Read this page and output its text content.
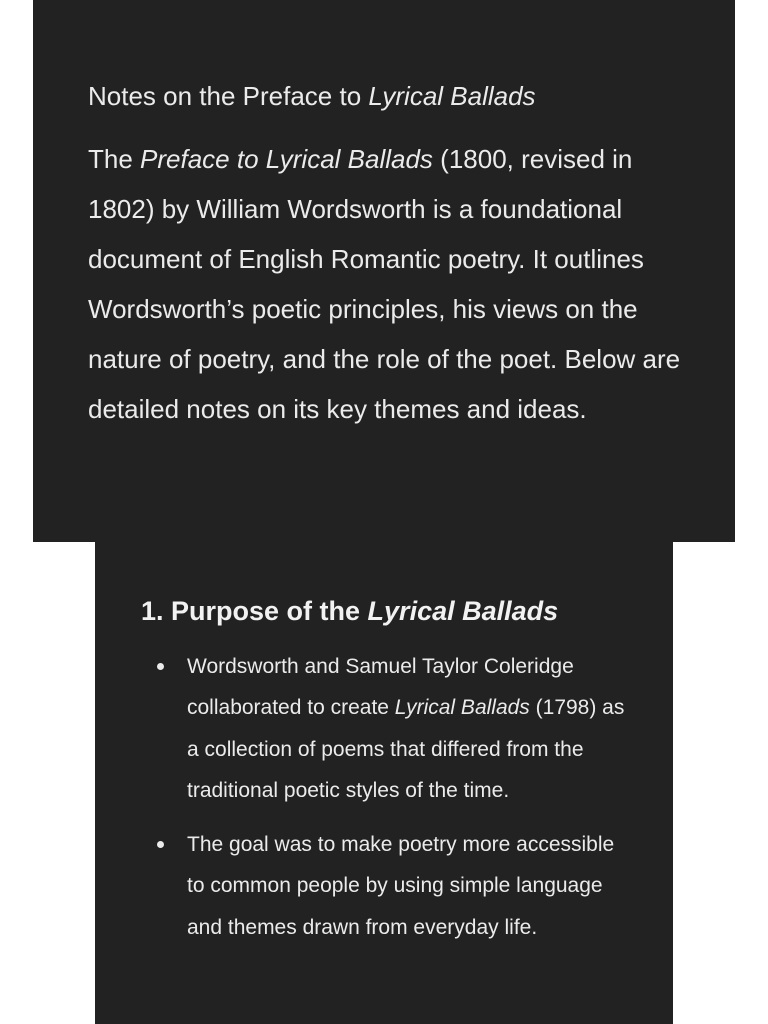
Notes on the Preface to Lyrical Ballads

The Preface to Lyrical Ballads (1800, revised in 1802) by William Wordsworth is a foundational document of English Romantic poetry. It outlines Wordsworth’s poetic principles, his views on the nature of poetry, and the role of the poet. Below are detailed notes on its key themes and ideas.

1. Purpose of the Lyrical Ballads
Wordsworth and Samuel Taylor Coleridge collaborated to create Lyrical Ballads (1798) as a collection of poems that differed from the traditional poetic styles of the time.
The goal was to make poetry more accessible to common people by using simple language and themes drawn from everyday life.
